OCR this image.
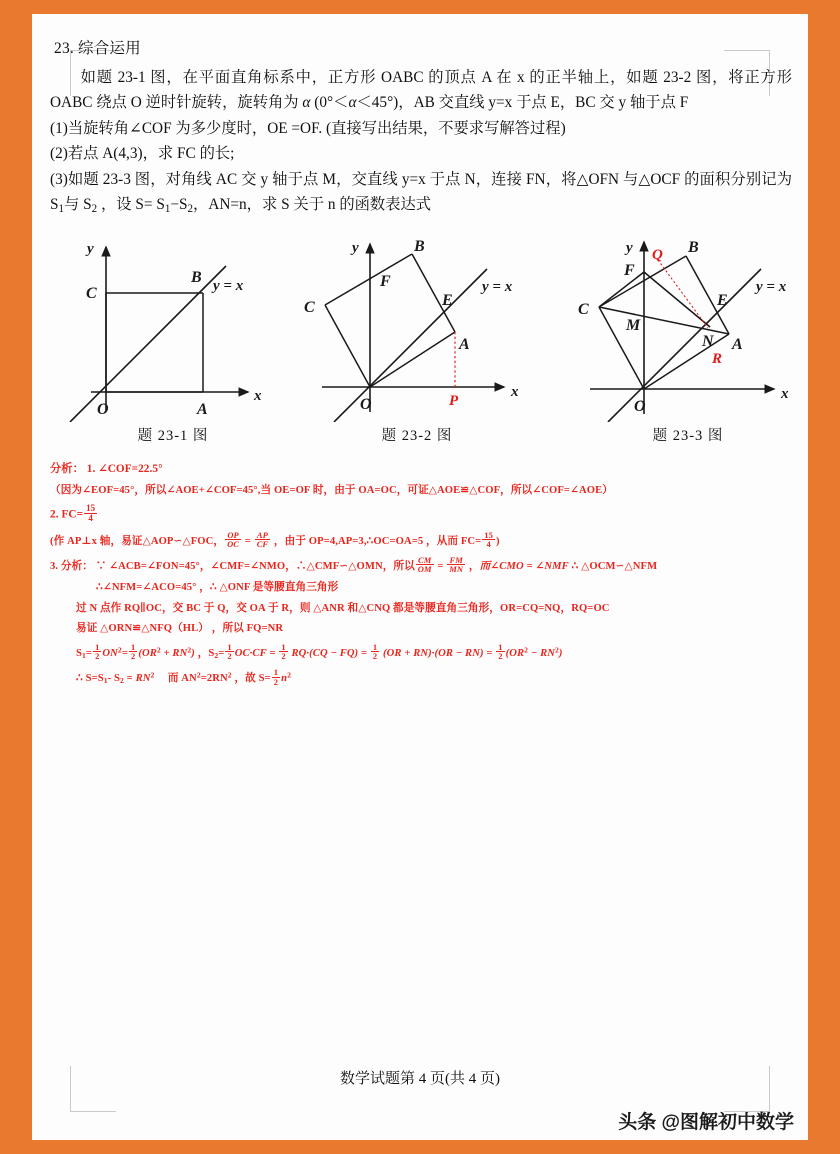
23. 综合运用

如题 23-1 图，在平面直角标系中，正方形 OABC 的顶点 A 在 x 的正半轴上，如题 23-2 图，将正方形 OABC 绕点 O 逆时针旋转，旋转角为 α (0°＜α＜45°)，AB 交直线 y=x 于点 E，BC 交 y 轴于点 F

(1)当旋转角∠COF 为多少度时，OE =OF. (直接写出结果，不要求写解答过程)

(2)若点 A(4,3)，求 FC 的长;

(3)如题 23-3 图，对角线 AC 交 y 轴于点 M，交直线 y=x 于点 N，连接 FN，将△OFN 与△OCF 的面积分别记为 $S_1$与 $S_2$ ，设 $S= S_1-S_2$，AN=n，求 S 关于 n 的函数表达式

y
x
O	A
B
C	y = x
题 23-1 图
y
x
O
A
B
C
F
E
P
y = x
题 23-2 图
y
x
O
A
B
C
F
E
M
N
Q
R
y = x
题 23-3 图
分析： 1. ∠COF=22.5°
（因为∠EOF=45°，所以∠AOE+∠COF=45°,当 OE=OF 时，由于 OA=OC，可证△AOE≌△COF，所以∠COF=∠AOE）
2. $FC= \frac{15}{4}$
(作 AP⊥x 轴，易证△AOP∽△FOC， $\frac{OP}{OC} = \frac{AP}{CF}$ ，由于 OP=4,AP=3,∴OC=OA=5 ，从而 $FC= \frac{15}{4}$ )
3. 分析： ∵ ∠ACB=∠FON=45°，∠CMF=∠NMO，∴△CMF∽△OMN，所以 $\frac{CM}{OM} = \frac{FM}{MN}$ ，而∠CMO = ∠NMF ∴ △OCM∽△NFM
∴∠NFM=∠ACO=45° ，∴ △ONF 是等腰直角三角形
过 N 点作 RQ∥OC，交 BC 于 Q，交 OA 于 R，则 △ANR 和△CNQ 都是等腰直角三角形，OR=CQ=NQ，RQ=OC
易证 △ORN≌△NFQ（HL） ，所以 FQ=NR
$S_1= \frac{1}{2} ON^2= \frac{1}{2} (OR^2 + RN^2)$ ，$S_2= \frac{1}{2} OC\cdot CF = \frac{1}{2} RQ\cdot(CQ - FQ) = \frac{1}{2} (OR + RN)\cdot(OR - RN) = \frac{1}{2} (OR^2 - RN^2)$
∴ $S=S_1-$ $S_2 = RN^2$　 而 $AN^2=2RN^2$ ，故 $S= \frac{1}{2} n^2$
数学试题第 4 页(共 4 页)
头条 @图解初中数学
